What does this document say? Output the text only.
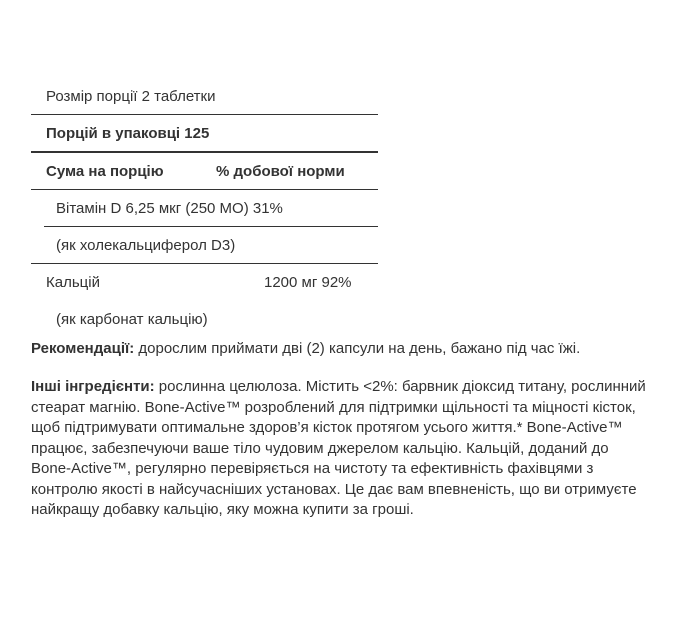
Розмір порції 2 таблетки
Порцій в упаковці 125
Сума на порцію	% добової норми
Вітамін D 6,25 мкг (250 МО) 31%
(як холекальциферол D3)
Кальцій	1200 мг 92%
(як карбонат кальцію)

Рекомендації: дорослим приймати дві (2) капсули на день, бажано під час їжі.

Інші інгредієнти: рослинна целюлоза. Містить <2%: барвник діоксид титану, рослинний стеарат магнію. Bone-Active™ розроблений для підтримки щільності та міцності кісток, щоб підтримувати оптимальне здоров’я кісток протягом усього життя.* Bone-Active™ працює, забезпечуючи ваше тіло чудовим джерелом кальцію. Кальцій, доданий до Bone-Active™, регулярно перевіряється на чистоту та ефективність фахівцями з контролю якості в найсучасніших установах. Це дає вам впевненість, що ви отримуєте найкращу добавку кальцію, яку можна купити за гроші.
